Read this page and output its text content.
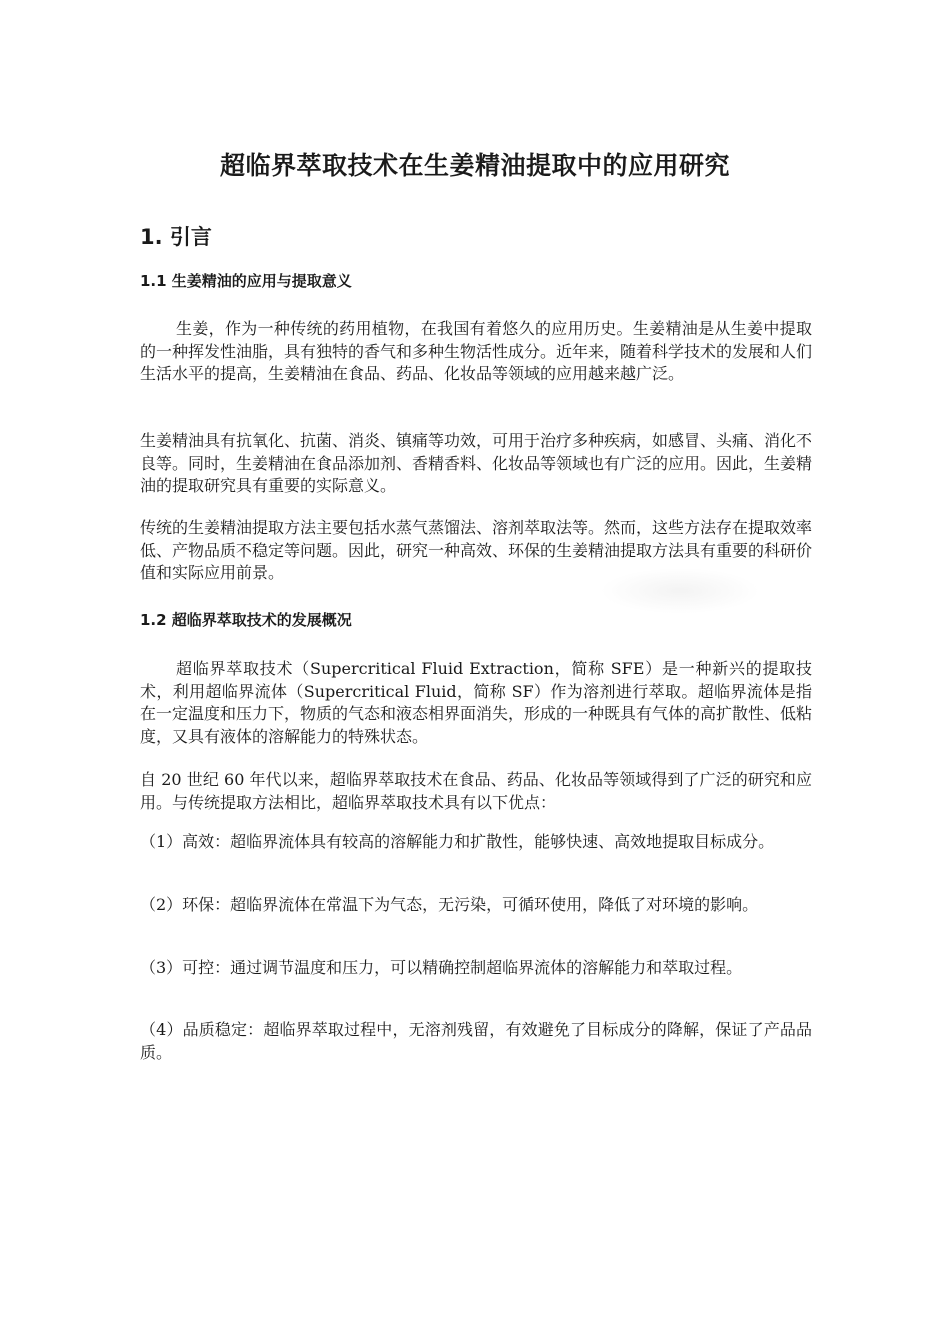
超临界萃取技术在生姜精油提取中的应用研究
1. 引言
1.1 生姜精油的应用与提取意义

生姜，作为一种传统的药用植物，在我国有着悠久的应用历史。生姜精油是从生姜中提取的一种挥发性油脂，具有独特的香气和多种生物活性成分。近年来，随着科学技术的发展和人们生活水平的提高，生姜精油在食品、药品、化妆品等领域的应用越来越广泛。

生姜精油具有抗氧化、抗菌、消炎、镇痛等功效，可用于治疗多种疾病，如感冒、头痛、消化不良等。同时，生姜精油在食品添加剂、香精香料、化妆品等领域也有广泛的应用。因此，生姜精油的提取研究具有重要的实际意义。

传统的生姜精油提取方法主要包括水蒸气蒸馏法、溶剂萃取法等。然而，这些方法存在提取效率低、产物品质不稳定等问题。因此，研究一种高效、环保的生姜精油提取方法具有重要的科研价值和实际应用前景。

1.2 超临界萃取技术的发展概况

超临界萃取技术（Supercritical Fluid Extraction，简称 SFE）是一种新兴的提取技术，利用超临界流体（Supercritical Fluid，简称 SF）作为溶剂进行萃取。超临界流体是指在一定温度和压力下，物质的气态和液态相界面消失，形成的一种既具有气体的高扩散性、低粘度，又具有液体的溶解能力的特殊状态。

自 20 世纪 60 年代以来，超临界萃取技术在食品、药品、化妆品等领域得到了广泛的研究和应用。与传统提取方法相比，超临界萃取技术具有以下优点：

（1）高效：超临界流体具有较高的溶解能力和扩散性，能够快速、高效地提取目标成分。

（2）环保：超临界流体在常温下为气态，无污染，可循环使用，降低了对环境的影响。

（3）可控：通过调节温度和压力，可以精确控制超临界流体的溶解能力和萃取过程。

（4）品质稳定：超临界萃取过程中，无溶剂残留，有效避免了目标成分的降解，保证了产品品质。
